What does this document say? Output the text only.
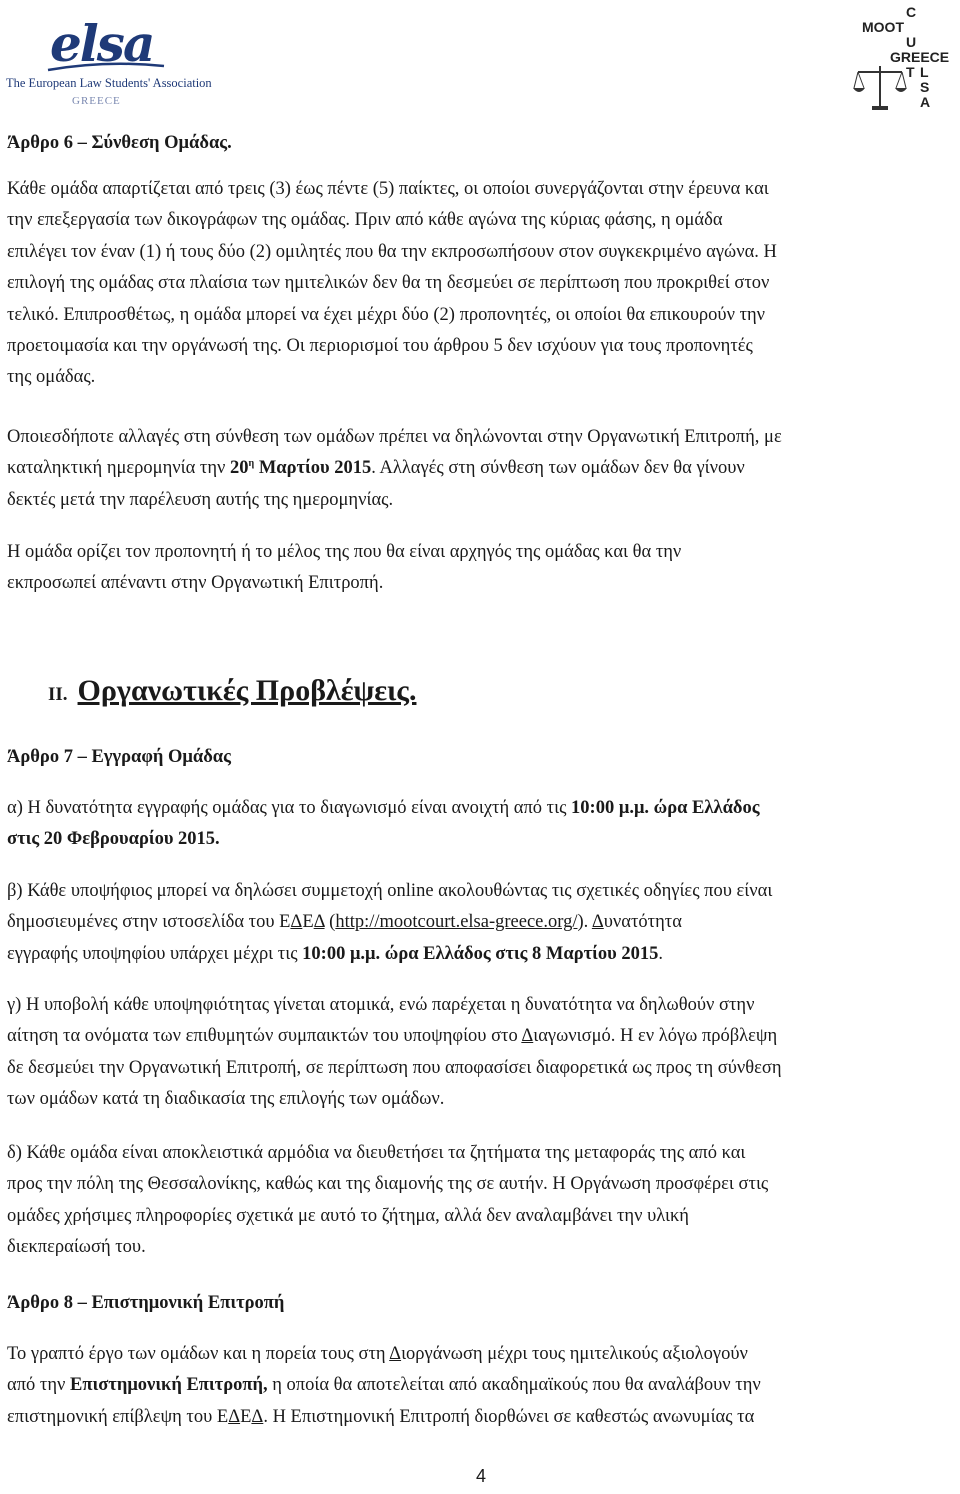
elsa
The European Law Students' Association
GREECE
C
MOOT
U
GREECE
T L
S
A
Άρθρο 6 – Σύνθεση Ομάδας.
Κάθε ομάδα απαρτίζεται από τρεις (3) έως πέντε (5) παίκτες, οι οποίοι συνεργάζονται στην έρευνα και
την επεξεργασία των δικογράφων της ομάδας. Πριν από κάθε αγώνα της κύριας φάσης, η ομάδα
επιλέγει τον έναν (1) ή τους δύο (2) ομιλητές που θα την εκπροσωπήσουν στον συγκεκριμένο αγώνα. Η
επιλογή της ομάδας στα πλαίσια των ημιτελικών δεν θα τη δεσμεύει σε περίπτωση που προκριθεί στον
τελικό. Επιπροσθέτως, η ομάδα μπορεί να έχει μέχρι δύο (2) προπονητές, οι οποίοι θα επικουρούν την
προετοιμασία και την οργάνωσή της. Οι περιορισμοί του άρθρου 5 δεν ισχύουν για τους προπονητές
της ομάδας.
Οποιεσδήποτε αλλαγές στη σύνθεση των ομάδων πρέπει να δηλώνονται στην Οργανωτική Επιτροπή, με
καταληκτική ημερομηνία την $20^\eta$ Μαρτίου 2015. Αλλαγές στη σύνθεση των ομάδων δεν θα γίνουν
δεκτές μετά την παρέλευση αυτής της ημερομηνίας.
Η ομάδα ορίζει τον προπονητή ή το μέλος της που θα είναι αρχηγός της ομάδας και θα την
εκπροσωπεί απέναντι στην Οργανωτική Επιτροπή.
II. Οργανωτικές Προβλέψεις.
Άρθρο 7 – Εγγραφή Ομάδας
α) Η δυνατότητα εγγραφής ομάδας για το διαγωνισμό είναι ανοιχτή από τις 10:00 μ.μ. ώρα Ελλάδος
στις 20 Φεβρουαρίου 2015.
β) Κάθε υποψήφιος μπορεί να δηλώσει συμμετοχή online ακολουθώντας τις σχετικές οδηγίες που είναι
δημοσιευμένες στην ιστοσελίδα του ΕΔΕΔ (http://mootcourt.elsa-greece.org/). Δυνατότητα
εγγραφής υποψηφίου υπάρχει μέχρι τις 10:00 μ.μ. ώρα Ελλάδος στις 8 Μαρτίου 2015.
γ) Η υποβολή κάθε υποψηφιότητας γίνεται ατομικά, ενώ παρέχεται η δυνατότητα να δηλωθούν στην
αίτηση τα ονόματα των επιθυμητών συμπαικτών του υποψηφίου στο Διαγωνισμό. Η εν λόγω πρόβλεψη
δε δεσμεύει την Οργανωτική Επιτροπή, σε περίπτωση που αποφασίσει διαφορετικά ως προς τη σύνθεση
των ομάδων κατά τη διαδικασία της επιλογής των ομάδων.
δ) Κάθε ομάδα είναι αποκλειστικά αρμόδια να διευθετήσει τα ζητήματα της μεταφοράς της από και
προς την πόλη της Θεσσαλονίκης, καθώς και της διαμονής της σε αυτήν. Η Οργάνωση προσφέρει στις
ομάδες χρήσιμες πληροφορίες σχετικά με αυτό το ζήτημα, αλλά δεν αναλαμβάνει την υλική
διεκπεραίωσή του.
Άρθρο 8 – Επιστημονική Επιτροπή
Το γραπτό έργο των ομάδων και η πορεία τους στη Διοργάνωση μέχρι τους ημιτελικούς αξιολογούν
από την Επιστημονική Επιτροπή, η οποία θα αποτελείται από ακαδημαϊκούς που θα αναλάβουν την
επιστημονική επίβλεψη του ΕΔΕΔ. Η Επιστημονική Επιτροπή διορθώνει σε καθεστώς ανωνυμίας τα
4
